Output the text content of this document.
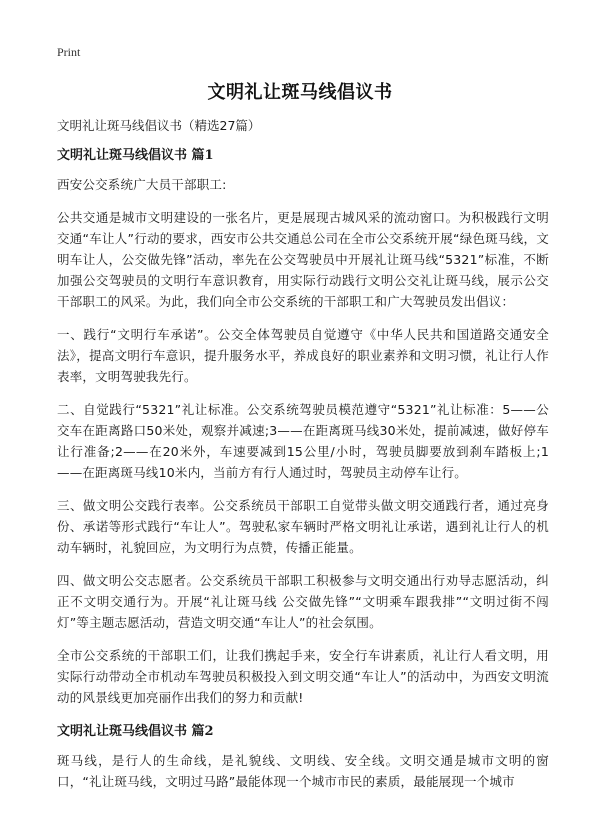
Print
文明礼让斑马线倡议书
文明礼让斑马线倡议书（精选27篇）
文明礼让斑马线倡议书 篇1

西安公交系统广大员干部职工:

公共交通是城市文明建设的一张名片，更是展现古城风采的流动窗口。为积极践行文明交通“车让人”行动的要求，西安市公共交通总公司在全市公交系统开展“绿色斑马线，文明车让人，公交做先锋”活动，率先在公交驾驶员中开展礼让斑马线“5321”标准，不断加强公交驾驶员的文明行车意识教育，用实际行动践行文明公交礼让斑马线，展示公交干部职工的风采。为此，我们向全市公交系统的干部职工和广大驾驶员发出倡议：

一、践行“文明行车承诺”。公交全体驾驶员自觉遵守《中华人民共和国道路交通安全法》，提高文明行车意识，提升服务水平，养成良好的职业素养和文明习惯，礼让行人作表率，文明驾驶我先行。

二、自觉践行“5321”礼让标准。公交系统驾驶员模范遵守“5321”礼让标准：5——公交车在距离路口50米处，观察并减速;3——在距离斑马线30米处，提前减速，做好停车让行准备;2——在20米外，车速要减到15公里/小时，驾驶员脚要放到刹车踏板上;1——在距离斑马线10米内，当前方有行人通过时，驾驶员主动停车让行。

三、做文明公交践行表率。公交系统员干部职工自觉带头做文明交通践行者，通过亮身份、承诺等形式践行“车让人”。驾驶私家车辆时严格文明礼让承诺，遇到礼让行人的机动车辆时，礼貌回应，为文明行为点赞，传播正能量。

四、做文明公交志愿者。公交系统员干部职工积极参与文明交通出行劝导志愿活动，纠正不文明交通行为。开展“礼让斑马线 公交做先锋”“文明乘车跟我排”“文明过街不闯灯”等主题志愿活动，营造文明交通“车让人”的社会氛围。

全市公交系统的干部职工们，让我们携起手来，安全行车讲素质，礼让行人看文明，用实际行动带动全市机动车驾驶员积极投入到文明交通“车让人”的活动中，为西安文明流动的风景线更加亮丽作出我们的努力和贡献!

文明礼让斑马线倡议书 篇2

斑马线，是行人的生命线，是礼貌线、文明线、安全线。文明交通是城市文明的窗口，“礼让斑马线，文明过马路”最能体现一个城市市民的素质，最能展现一个城市
